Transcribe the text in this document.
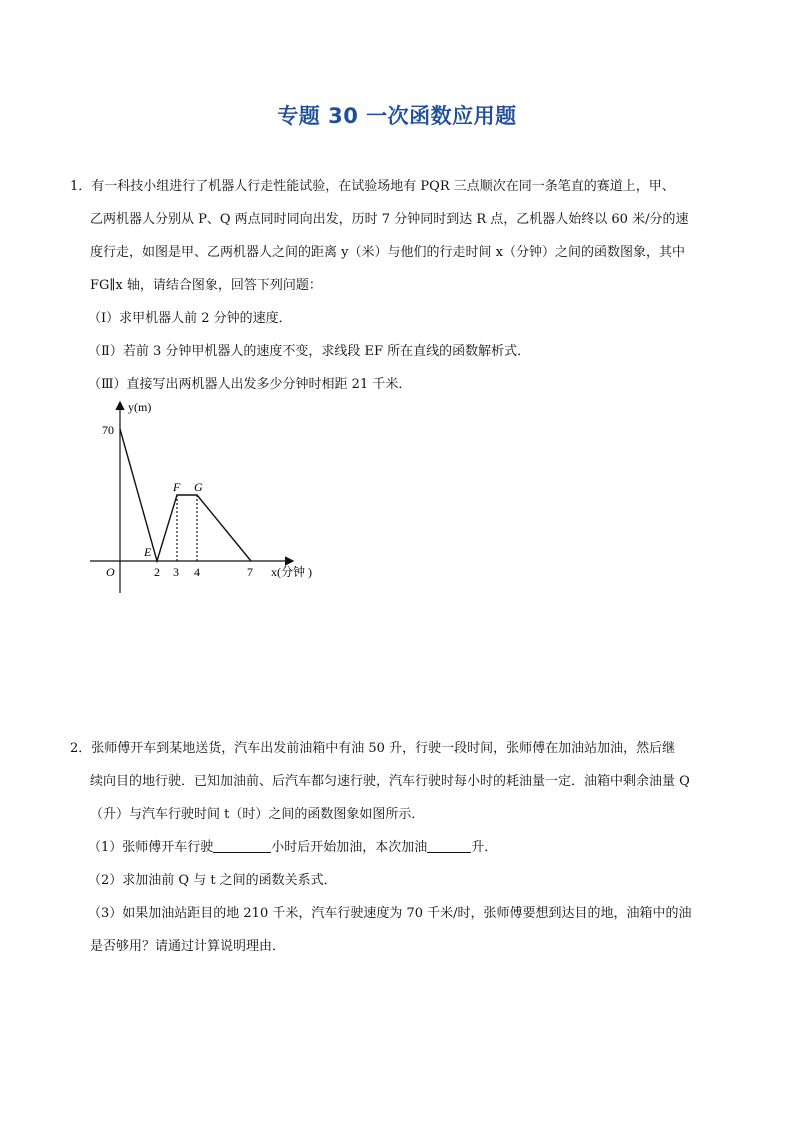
专题 30 一次函数应用题
1．有一科技小组进行了机器人行走性能试验，在试验场地有 PQR 三点顺次在同一条笔直的赛道上，甲、
乙两机器人分别从 P、Q 两点同时同向出发，历时 7 分钟同时到达 R 点，乙机器人始终以 60 米/分的速
度行走，如图是甲、乙两机器人之间的距离 y（米）与他们的行走时间 x（分钟）之间的函数图象，其中
FG∥x 轴，请结合图象，回答下列问题：
（Ⅰ）求甲机器人前 2 分钟的速度．
（Ⅱ）若前 3 分钟甲机器人的速度不变，求线段 EF 所在直线的函数解析式．
（Ⅲ）直接写出两机器人出发多少分钟时相距 21 千米．
y(m)
70
O
E
F G
2 3 4	7 x(分钟 )
2．张师傅开车到某地送货，汽车出发前油箱中有油 50 升，行驶一段时间，张师傅在加油站加油，然后继
续向目的地行驶．已知加油前、后汽车都匀速行驶，汽车行驶时每小时的耗油量一定．油箱中剩余油量 Q
（升）与汽车行驶时间 t（时）之间的函数图象如图所示．
（1）张师傅开车行驶	小时后开始加油，本次加油	升．
（2）求加油前 Q 与 t 之间的函数关系式．
（3）如果加油站距目的地 210 千米，汽车行驶速度为 70 千米/时，张师傅要想到达目的地，油箱中的油
是否够用？请通过计算说明理由．
